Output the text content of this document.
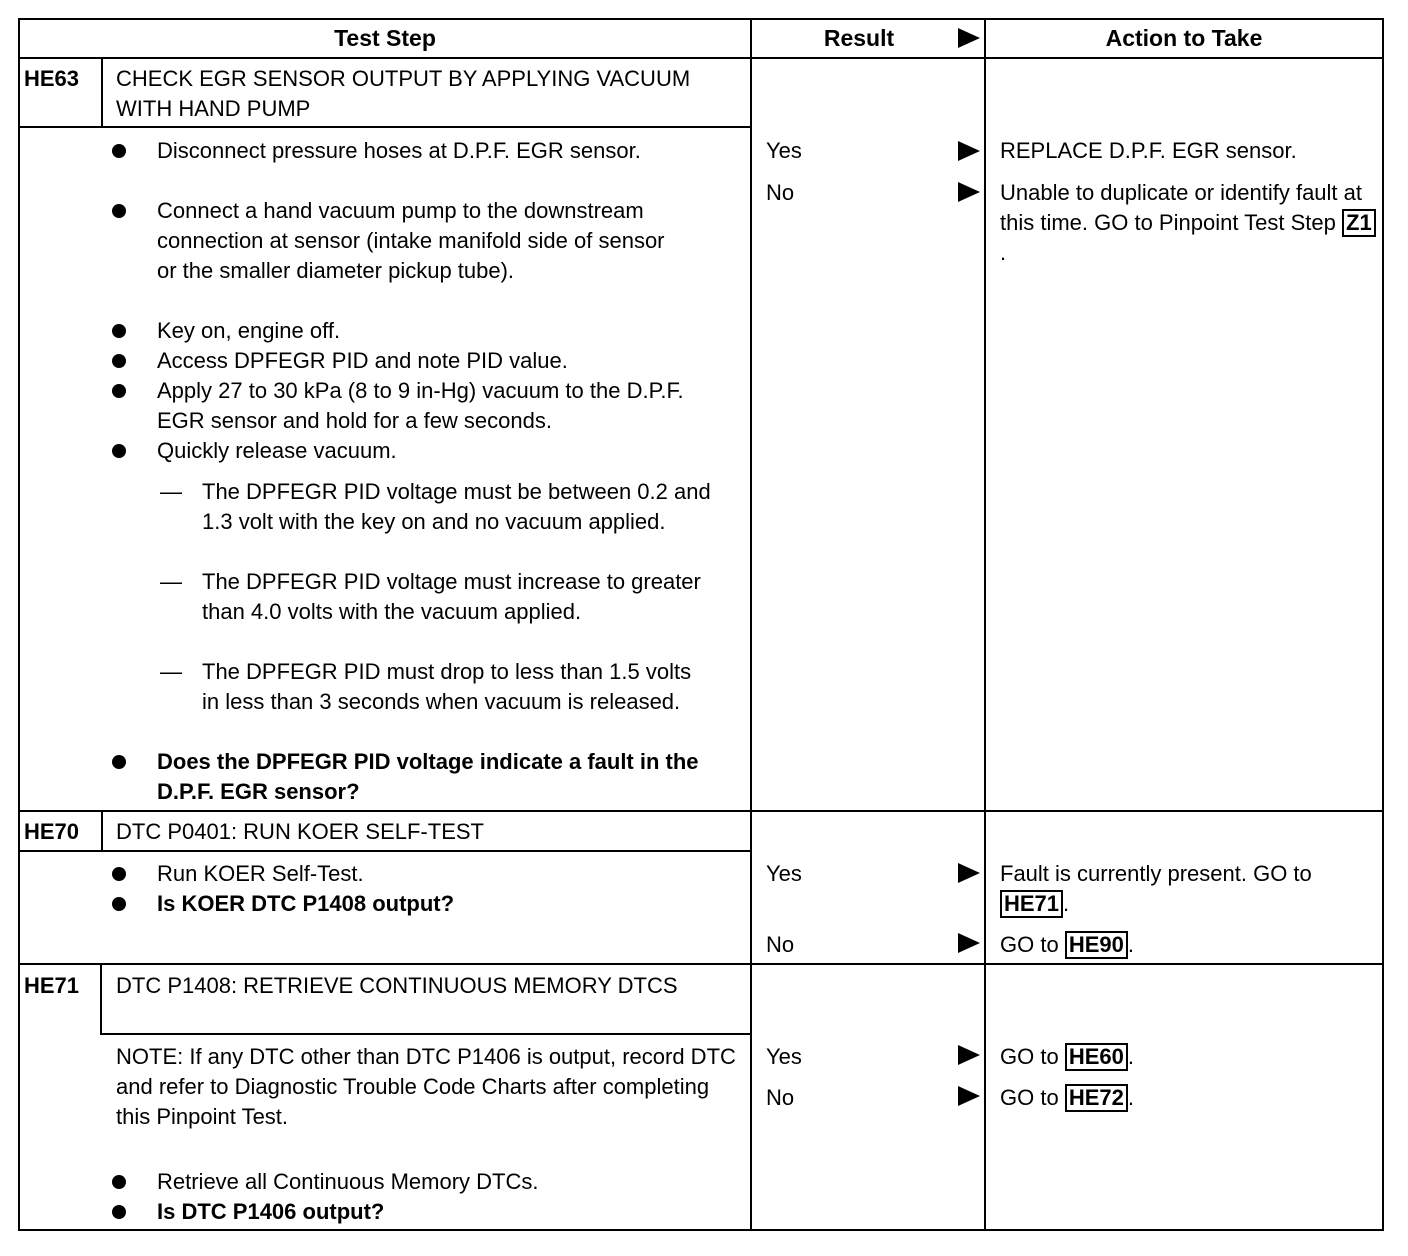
Test Step	Result	Action to Take
HE63 CHECK EGR SENSOR OUTPUT BY APPLYING VACUUM WITH HAND PUMP
Disconnect pressure hoses at D.P.F. EGR sensor.
Connect a hand vacuum pump to the downstream connection at sensor (intake manifold side of sensor or the smaller diameter pickup tube).
Key on, engine off.
Access DPFEGR PID and note PID value.
Apply 27 to 30 kPa (8 to 9 in-Hg) vacuum to the D.P.F. EGR sensor and hold for a few seconds.
Quickly release vacuum.
— The DPFEGR PID voltage must be between 0.2 and 1.3 volt with the key on and no vacuum applied.
— The DPFEGR PID voltage must increase to greater than 4.0 volts with the vacuum applied.
— The DPFEGR PID must drop to less than 1.5 volts in less than 3 seconds when vacuum is released.
Does the DPFEGR PID voltage indicate a fault in the D.P.F. EGR sensor?
Yes	REPLACE D.P.F. EGR sensor.
No	Unable to duplicate or identify fault at this time. GO to Pinpoint Test Step Z1.
HE70 DTC P0401: RUN KOER SELF-TEST
Run KOER Self-Test.
Is KOER DTC P1408 output?
Yes	Fault is currently present. GO to HE71 .
No	GO to HE90 .
HE71 DTC P1408: RETRIEVE CONTINUOUS MEMORY DTCS
NOTE: If any DTC other than DTC P1406 is output, record DTC and refer to Diagnostic Trouble Code Charts after completing this Pinpoint Test.
Retrieve all Continuous Memory DTCs.
Is DTC P1406 output?
Yes	GO to HE60 .
No	GO to HE72 .
